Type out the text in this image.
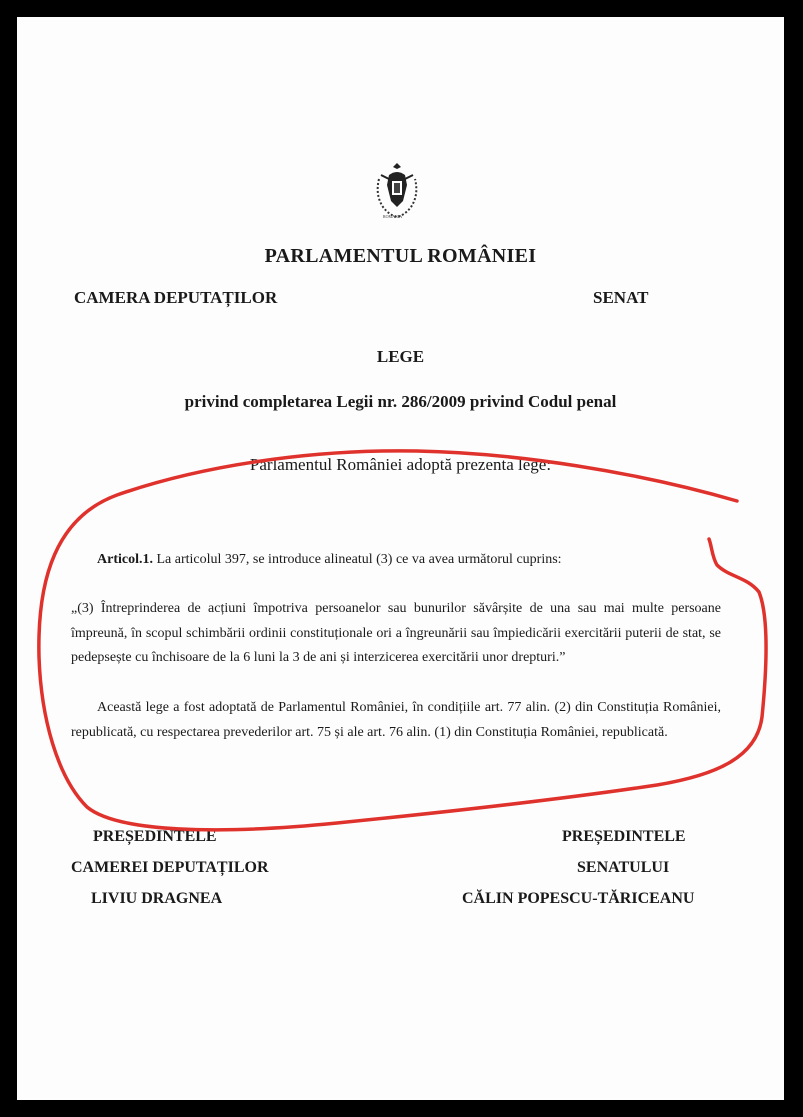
ROMANIA

PARLAMENTUL ROMÂNIEI

CAMERA DEPUTAȚILOR	SENAT

LEGE

privind completarea Legii nr. 286/2009 privind Codul penal

Parlamentul României adoptă prezenta lege:

Articol.1. La articolul 397, se introduce alineatul (3) ce va avea următorul cuprins:

„(3) Întreprinderea de acțiuni împotriva persoanelor sau bunurilor săvârșite de una sau mai multe persoane împreună, în scopul schimbării ordinii constituționale ori a îngreunării sau împiedicării exercitării puterii de stat, se pedepsește cu închisoare de la 6 luni la 3 de ani și interzicerea exercitării unor drepturi.”

Această lege a fost adoptată de Parlamentul României, în condițiile art. 77 alin. (2) din Constituția României, republicată, cu respectarea prevederilor art. 75 și ale art. 76 alin. (1) din Constituția României, republicată.

PREȘEDINTELE

CAMEREI DEPUTAȚILOR

LIVIU DRAGNEA

PREȘEDINTELE

SENATULUI

CĂLIN POPESCU-TĂRICEANU
